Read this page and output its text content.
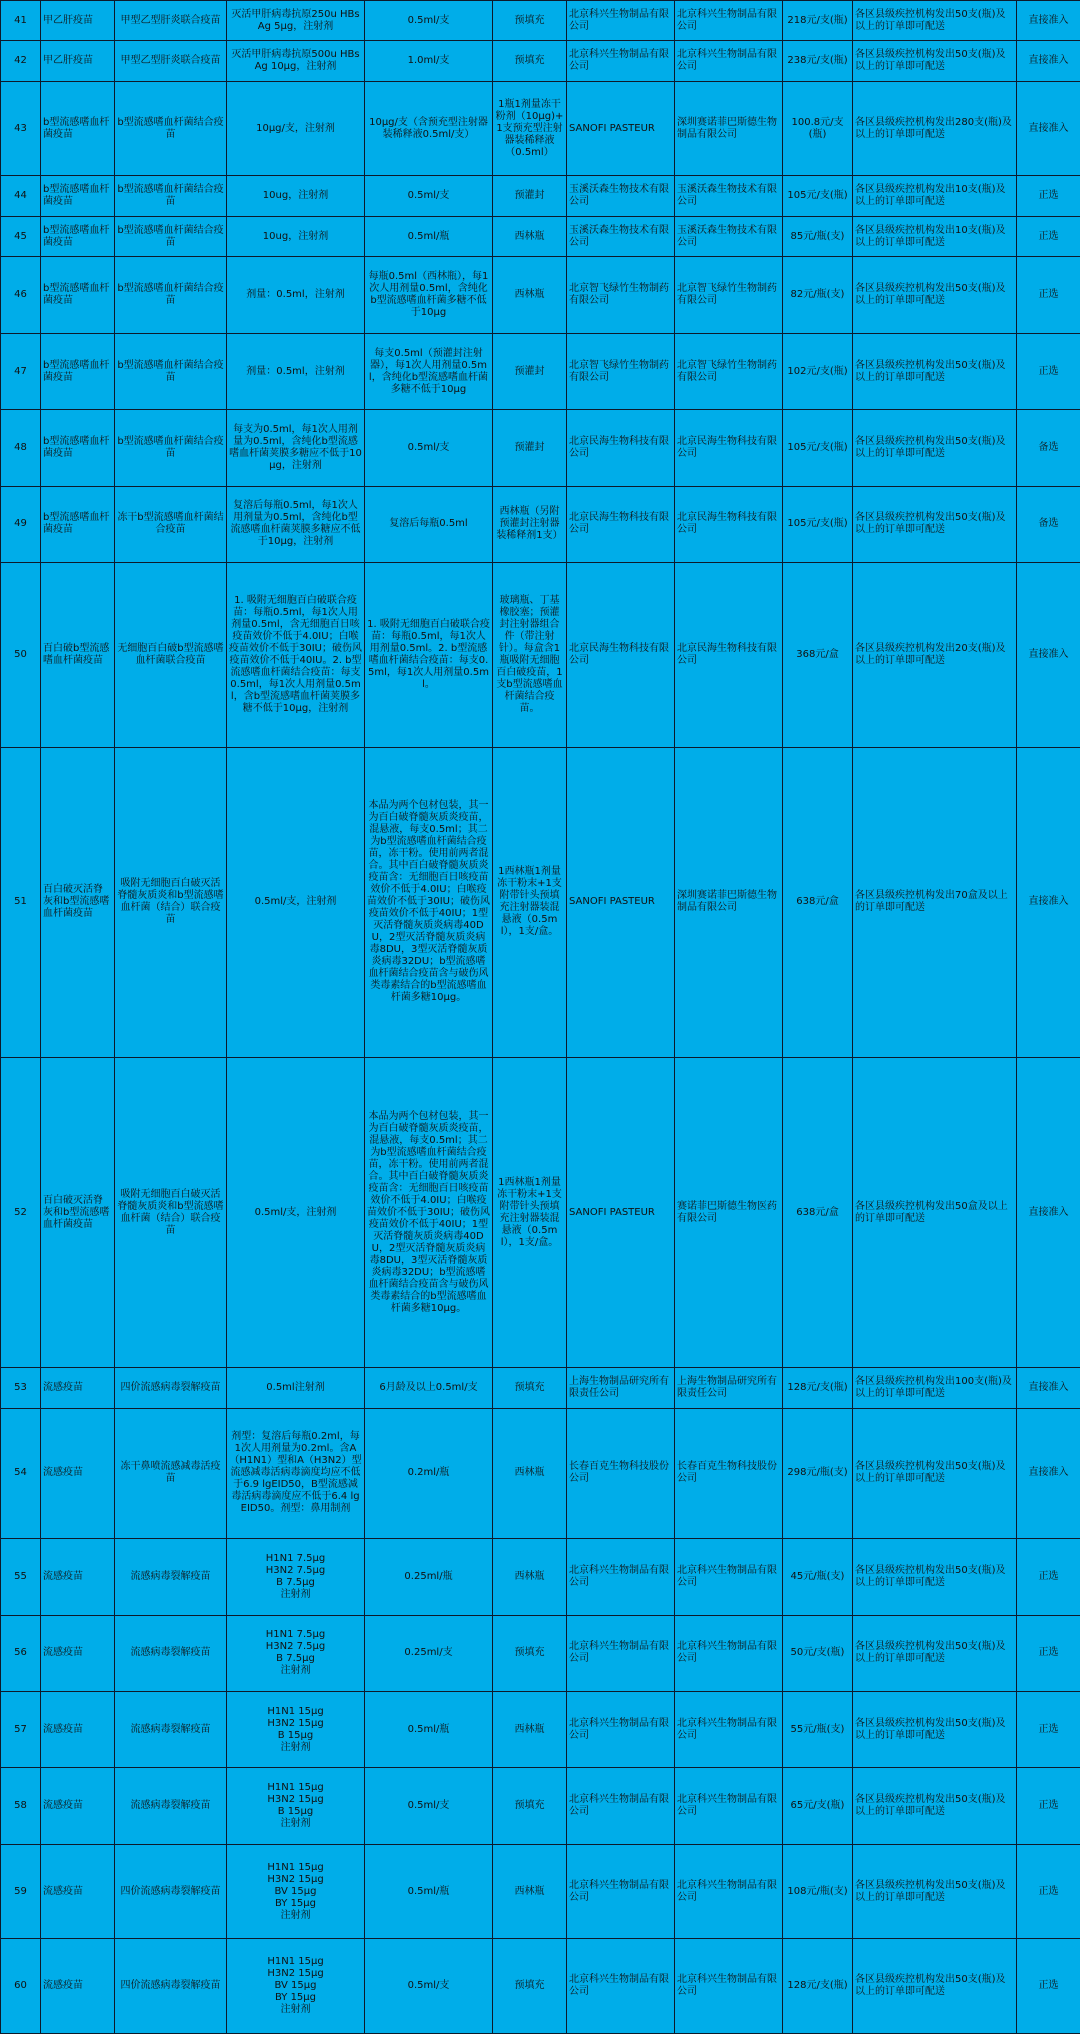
41	甲乙肝疫苗	甲型乙型肝炎联合疫苗	灭活甲肝病毒抗原250u HBsAg 5μg，注射剂	0.5ml/支	预填充	北京科兴生物制品有限公司	北京科兴生物制品有限公司	218元/支(瓶)	各区县级疾控机构发出50支(瓶)及以上的订单即可配送	直接准入
42	甲乙肝疫苗	甲型乙型肝炎联合疫苗	灭活甲肝病毒抗原500u HBsAg 10μg，注射剂	1.0ml/支	预填充	北京科兴生物制品有限公司	北京科兴生物制品有限公司	238元/支(瓶)	各区县级疾控机构发出50支(瓶)及以上的订单即可配送	直接准入
43	b型流感嗜血杆菌疫苗	b型流感嗜血杆菌结合疫苗	10μg/支，注射剂	10μg/支（含预充型注射器装稀释液0.5ml/支）	1瓶1剂量冻干粉剂（10μg)+1支预充型注射器装稀释液（0.5ml）	SANOFI PASTEUR	深圳赛诺菲巴斯德生物制品有限公司	100.8元/支(瓶)	各区县级疾控机构发出280支(瓶)及以上的订单即可配送	直接准入
44	b型流感嗜血杆菌疫苗	b型流感嗜血杆菌结合疫苗	10ug，注射剂	0.5ml/支	预灌封	玉溪沃森生物技术有限公司	玉溪沃森生物技术有限公司	105元/支(瓶)	各区县级疾控机构发出10支(瓶)及以上的订单即可配送	正选
45	b型流感嗜血杆菌疫苗	b型流感嗜血杆菌结合疫苗	10ug，注射剂	0.5ml/瓶	西林瓶	玉溪沃森生物技术有限公司	玉溪沃森生物技术有限公司	85元/瓶(支)	各区县级疾控机构发出10支(瓶)及以上的订单即可配送	正选
46	b型流感嗜血杆菌疫苗	b型流感嗜血杆菌结合疫苗	剂量：0.5ml，注射剂	每瓶0.5ml（西林瓶），每1次人用剂量0.5ml，含纯化b型流感嗜血杆菌多糖不低于10μg	西林瓶	北京智飞绿竹生物制药有限公司	北京智飞绿竹生物制药有限公司	82元/瓶(支)	各区县级疾控机构发出50支(瓶)及以上的订单即可配送	正选
47	b型流感嗜血杆菌疫苗	b型流感嗜血杆菌结合疫苗	剂量：0.5ml，注射剂	每支0.5ml（预灌封注射器），每1次人用剂量0.5ml，含纯化b型流感嗜血杆菌多糖不低于10μg	预灌封	北京智飞绿竹生物制药有限公司	北京智飞绿竹生物制药有限公司	102元/支(瓶)	各区县级疾控机构发出50支(瓶)及以上的订单即可配送	正选
48	b型流感嗜血杆菌疫苗	b型流感嗜血杆菌结合疫苗	每支为0.5ml，每1次人用剂量为0.5ml，含纯化b型流感嗜血杆菌荚膜多糖应不低于10μg，注射剂	0.5ml/支	预灌封	北京民海生物科技有限公司	北京民海生物科技有限公司	105元/支(瓶)	各区县级疾控机构发出50支(瓶)及以上的订单即可配送	备选
49	b型流感嗜血杆菌疫苗	冻干b型流感嗜血杆菌结合疫苗	复溶后每瓶0.5ml，每1次人用剂量为0.5ml，含纯化b型流感嗜血杆菌荚膜多糖应不低于10μg，注射剂	复溶后每瓶0.5ml	西林瓶（另附预灌封注射器装稀释剂1支）	北京民海生物科技有限公司	北京民海生物科技有限公司	105元/支(瓶)	各区县级疾控机构发出50支(瓶)及以上的订单即可配送	备选
50	百白破b型流感嗜血杆菌疫苗	无细胞百白破b型流感嗜血杆菌联合疫苗	1. 吸附无细胞百白破联合疫苗：每瓶0.5ml，每1次人用剂量0.5ml，含无细胞百日咳疫苗效价不低于4.0IU；白喉疫苗效价不低于30IU；破伤风疫苗效价不低于40IU。2. b型流感嗜血杆菌结合疫苗：每支0.5ml，每1次人用剂量0.5ml，含b型流感嗜血杆菌荚膜多糖不低于10μg，注射剂	1. 吸附无细胞百白破联合疫苗：每瓶0.5ml，每1次人用剂量0.5ml。2. b型流感嗜血杆菌结合疫苗：每支0.5ml，每1次人用剂量0.5ml。	玻璃瓶、丁基橡胶塞；预灌封注射器组合件（带注射针）。每盒含1瓶吸附无细胞百白破疫苗，1支b型流感嗜血杆菌结合疫苗。	北京民海生物科技有限公司	北京民海生物科技有限公司	368元/盒	各区县级疾控机构发出20支(瓶)及以上的订单即可配送	直接准入
51	百白破灭活脊灰和b型流感嗜血杆菌疫苗	吸附无细胞百白破灭活脊髓灰质炎和b型流感嗜血杆菌（结合）联合疫苗	0.5ml/支，注射剂	本品为两个包材包装，其一为百白破脊髓灰质炎疫苗，混悬液，每支0.5ml；其二为b型流感嗜血杆菌结合疫苗，冻干粉。使用前两者混合。其中百白破脊髓灰质炎疫苗含：无细胞百日咳疫苗效价不低于4.0IU；白喉疫苗效价不低于30IU；破伤风疫苗效价不低于40IU；1型灭活脊髓灰质炎病毒40DU，2型灭活脊髓灰质炎病毒8DU，3型灭活脊髓灰质炎病毒32DU；b型流感嗜血杆菌结合疫苗含与破伤风类毒素结合的b型流感嗜血杆菌多糖10μg。	1西林瓶1剂量冻干粉末+1支附带针头预填充注射器装混悬液（0.5ml），1支/盒。	SANOFI PASTEUR	深圳赛诺菲巴斯德生物制品有限公司	638元/盒	各区县级疾控机构发出70盒及以上的订单即可配送	直接准入
52	百白破灭活脊灰和b型流感嗜血杆菌疫苗	吸附无细胞百白破灭活脊髓灰质炎和b型流感嗜血杆菌（结合）联合疫苗	0.5ml/支，注射剂	本品为两个包材包装，其一为百白破脊髓灰质炎疫苗，混悬液，每支0.5ml；其二为b型流感嗜血杆菌结合疫苗，冻干粉。使用前两者混合。其中百白破脊髓灰质炎疫苗含：无细胞百日咳疫苗效价不低于4.0IU；白喉疫苗效价不低于30IU；破伤风疫苗效价不低于40IU；1型灭活脊髓灰质炎病毒40DU，2型灭活脊髓灰质炎病毒8DU，3型灭活脊髓灰质炎病毒32DU；b型流感嗜血杆菌结合疫苗含与破伤风类毒素结合的b型流感嗜血杆菌多糖10μg。	1西林瓶1剂量冻干粉末+1支附带针头预填充注射器装混悬液（0.5ml），1支/盒。	SANOFI PASTEUR	赛诺菲巴斯德生物医药有限公司	638元/盒	各区县级疾控机构发出50盒及以上的订单即可配送	直接准入
53	流感疫苗	四价流感病毒裂解疫苗	0.5ml注射剂	6月龄及以上0.5ml/支	预填充	上海生物制品研究所有限责任公司	上海生物制品研究所有限责任公司	128元/支(瓶)	各区县级疾控机构发出100支(瓶)及以上的订单即可配送	直接准入
54	流感疫苗	冻干鼻喷流感减毒活疫苗	剂型：复溶后每瓶0.2ml，每1次人用剂量为0.2ml。含A（H1N1）型和A（H3N2）型流感减毒活病毒滴度均应不低于6.9 lgEID50，B型流感减毒活病毒滴度应不低于6.4 lgEID50。剂型：鼻用制剂	0.2ml/瓶	西林瓶	长春百克生物科技股份公司	长春百克生物科技股份公司	298元/瓶(支)	各区县级疾控机构发出50支(瓶)及以上的订单即可配送	直接准入
55	流感疫苗	流感病毒裂解疫苗	H1N1 7.5μg
H3N2 7.5μg
B 7.5μg
注射剂	0.25ml/瓶	西林瓶	北京科兴生物制品有限公司	北京科兴生物制品有限公司	45元/瓶(支)	各区县级疾控机构发出50支(瓶)及以上的订单即可配送	正选
56	流感疫苗	流感病毒裂解疫苗	H1N1 7.5μg
H3N2 7.5μg
B 7.5μg
注射剂	0.25ml/支	预填充	北京科兴生物制品有限公司	北京科兴生物制品有限公司	50元/支(瓶)	各区县级疾控机构发出50支(瓶)及以上的订单即可配送	正选
57	流感疫苗	流感病毒裂解疫苗	H1N1 15μg
H3N2 15μg
B 15μg
注射剂	0.5ml/瓶	西林瓶	北京科兴生物制品有限公司	北京科兴生物制品有限公司	55元/瓶(支)	各区县级疾控机构发出50支(瓶)及以上的订单即可配送	正选
58	流感疫苗	流感病毒裂解疫苗	H1N1 15μg
H3N2 15μg
B 15μg
注射剂	0.5ml/支	预填充	北京科兴生物制品有限公司	北京科兴生物制品有限公司	65元/支(瓶)	各区县级疾控机构发出50支(瓶)及以上的订单即可配送	正选
59	流感疫苗	四价流感病毒裂解疫苗	H1N1 15μg
H3N2 15μg
BV 15μg
BY 15μg
注射剂	0.5ml/瓶	西林瓶	北京科兴生物制品有限公司	北京科兴生物制品有限公司	108元/瓶(支)	各区县级疾控机构发出50支(瓶)及以上的订单即可配送	正选
60	流感疫苗	四价流感病毒裂解疫苗	H1N1 15μg
H3N2 15μg
BV 15μg
BY 15μg
注射剂	0.5ml/支	预填充	北京科兴生物制品有限公司	北京科兴生物制品有限公司	128元/支(瓶)	各区县级疾控机构发出50支(瓶)及以上的订单即可配送	正选
